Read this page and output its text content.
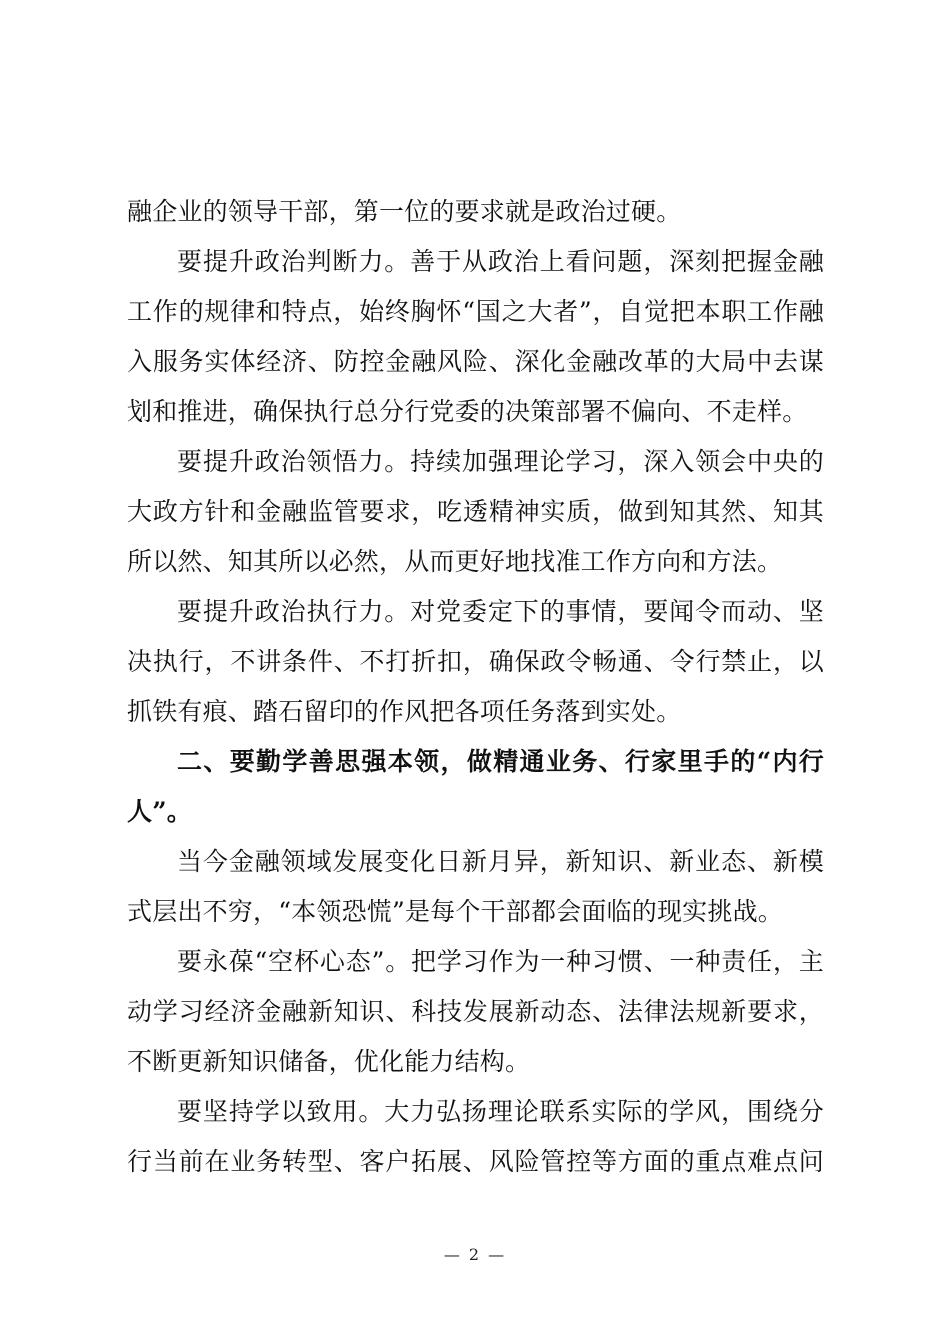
融企业的领导干部，第一位的要求就是政治过硬。
要提升政治判断力。善于从政治上看问题，深刻把握金融
工作的规律和特点，始终胸怀“国之大者”，自觉把本职工作融
入服务实体经济、防控金融风险、深化金融改革的大局中去谋
划和推进，确保执行总分行党委的决策部署不偏向、不走样。
要提升政治领悟力。持续加强理论学习，深入领会中央的
大政方针和金融监管要求，吃透精神实质，做到知其然、知其
所以然、知其所以必然，从而更好地找准工作方向和方法。
要提升政治执行力。对党委定下的事情，要闻令而动、坚
决执行，不讲条件、不打折扣，确保政令畅通、令行禁止，以
抓铁有痕、踏石留印的作风把各项任务落到实处。
二、要勤学善思强本领，做精通业务、行家里手的“内行
人”。
当今金融领域发展变化日新月异，新知识、新业态、新模
式层出不穷，“本领恐慌”是每个干部都会面临的现实挑战。
要永葆“空杯心态”。把学习作为一种习惯、一种责任，主
动学习经济金融新知识、科技发展新动态、法律法规新要求，
不断更新知识储备，优化能力结构。
要坚持学以致用。大力弘扬理论联系实际的学风，围绕分
行当前在业务转型、客户拓展、风险管控等方面的重点难点问
— 2 —
